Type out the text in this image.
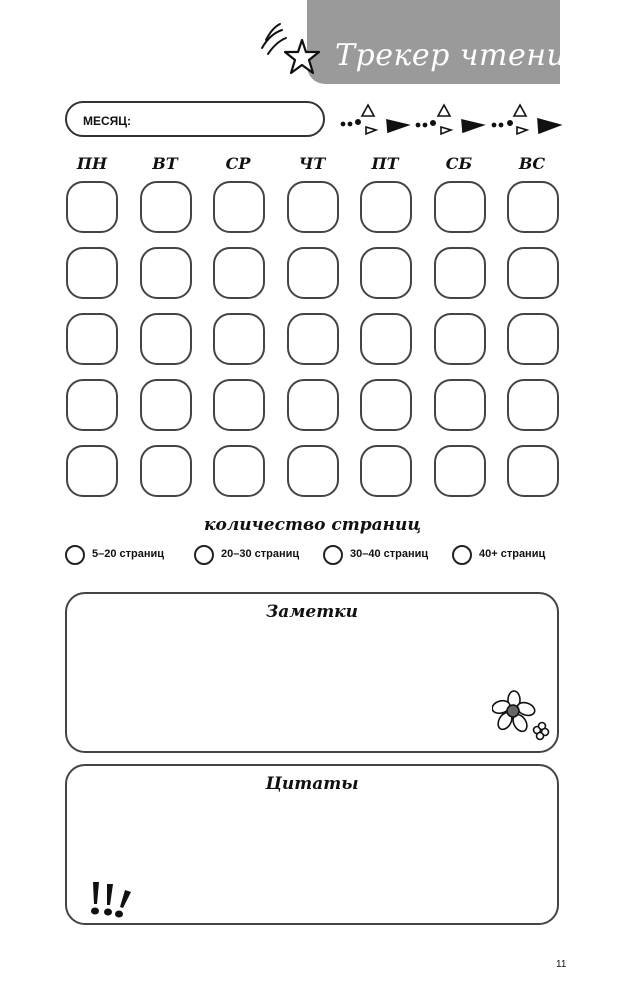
Трекер чтения
МЕСЯЦ:
ПН	ВТ	СР	ЧТ	ПТ	СБ	ВС
количество страниц
5–20 страниц	20–30 страниц	30–40 страниц	40+ страниц
Заметки
Цитаты
11
